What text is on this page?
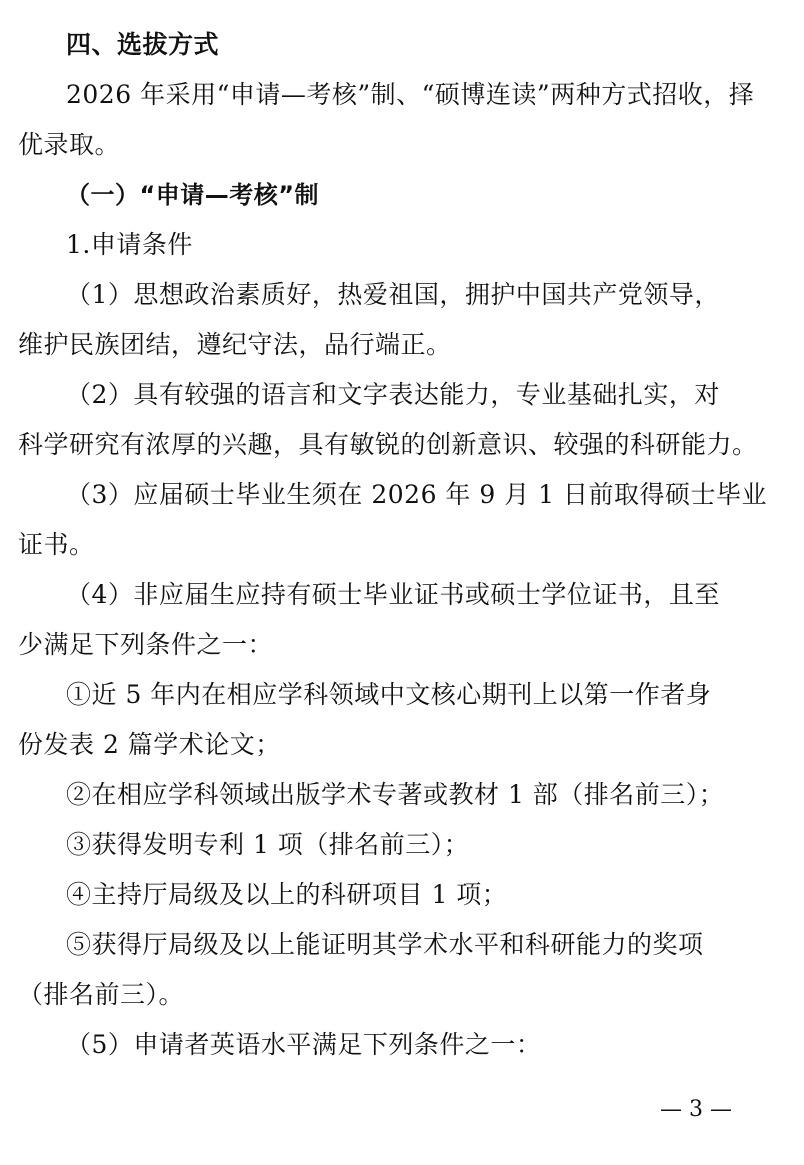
四、选拔方式
2026 年采用“申请—考核”制、“硕博连读”两种方式招收，择
优录取。
（一）“申请—考核”制
1.申请条件
（1）思想政治素质好，热爱祖国，拥护中国共产党领导，
维护民族团结，遵纪守法，品行端正。
（2）具有较强的语言和文字表达能力，专业基础扎实，对
科学研究有浓厚的兴趣，具有敏锐的创新意识、较强的科研能力。
（3）应届硕士毕业生须在 2026 年 9 月 1 日前取得硕士毕业
证书。
（4）非应届生应持有硕士毕业证书或硕士学位证书，且至
少满足下列条件之一：
①近 5 年内在相应学科领域中文核心期刊上以第一作者身
份发表 2 篇学术论文；
②在相应学科领域出版学术专著或教材 1 部（排名前三）；
③获得发明专利 1 项（排名前三）；
④主持厅局级及以上的科研项目 1 项；
⑤获得厅局级及以上能证明其学术水平和科研能力的奖项
（排名前三）。
（5）申请者英语水平满足下列条件之一：
— 3 —
